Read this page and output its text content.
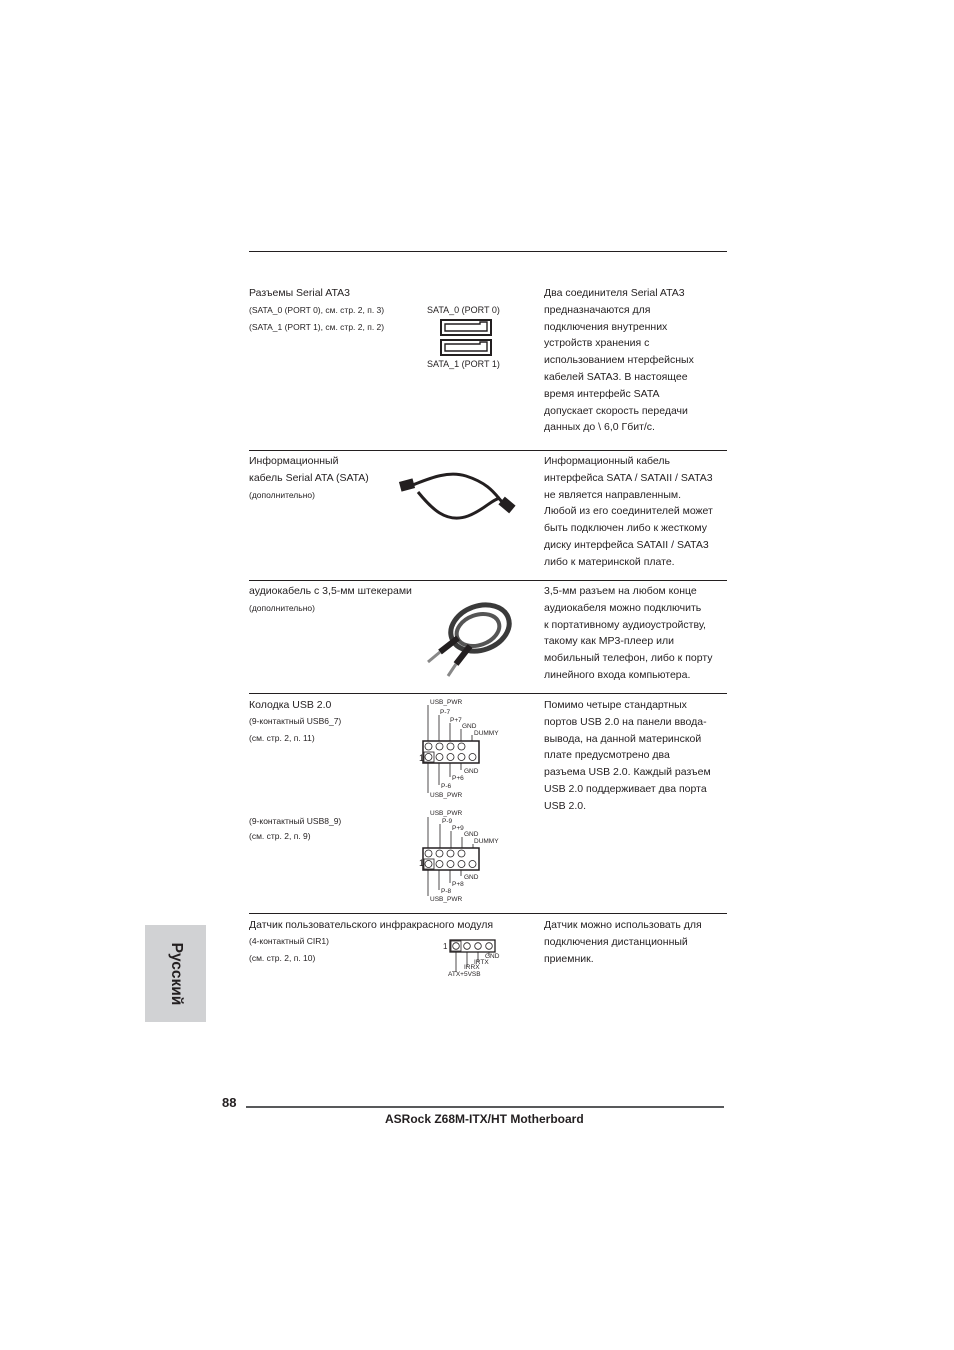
Разъемы Serial ATA3
(SATA_0 (PORT 0), см. стр. 2, п. 3)
(SATA_1 (PORT 1), см. стр. 2, п. 2)
SATA_0 (PORT 0)
SATA_1 (PORT 1)
Два соединителя Serial ATA3
предназначаются для
подключения внутренних
устройств хранения с
использованием нтерфейсных
кабелей SATA3. В настоящее
время интерфейс SATA
допускает скорость передачи
данных до \ 6,0 Гбит/с.
Информационный
кабель Serial ATA (SATA)
(дополнительно)
Информационный кабель
интерфейса SATA / SATAII / SATA3
не является направленным.
Любой из его соединителей может
быть подключен либо к жесткому
диску интерфейса SATAII / SATA3
либо к материнской плате.
аудиокабель с 3,5-мм штекерами
(дополнительно)
3,5-мм разъем на любом конце
аудиокабеля можно подключить
к портативному аудиоустройству,
такому как MP3-плеер или
мобильный телефон, либо к порту
линейного входа компьютера.
Колодка USB 2.0
(9-контактный USB6_7)
(см. стр. 2, п. 11)
(9-контактный USB8_9)
(см. стр. 2, п. 9)
USB_PWR
P-7
P+7
GND
DUMMY
1
GND
P+6
P-6
USB_PWR
USB_PWR
P-9
P+9
GND
DUMMY
1
GND
P+8
P-8
USB_PWR
Помимо четыре стандартных
портов USB 2.0 на панели ввода-
вывода, на данной материнской
плате предусмотрено два
разъема USB 2.0. Каждый разъем
USB 2.0 поддерживает два порта
USB 2.0.
Датчик пользовательского инфракрасного модуля
(4-контактный CIR1)
(см. стр. 2, п. 10)
1
GND
IRTX
IRRX
ATX+5VSB
Датчик можно использовать для
подключения дистанционный
приемник.
Русский
88
ASRock Z68M-ITX/HT Motherboard
